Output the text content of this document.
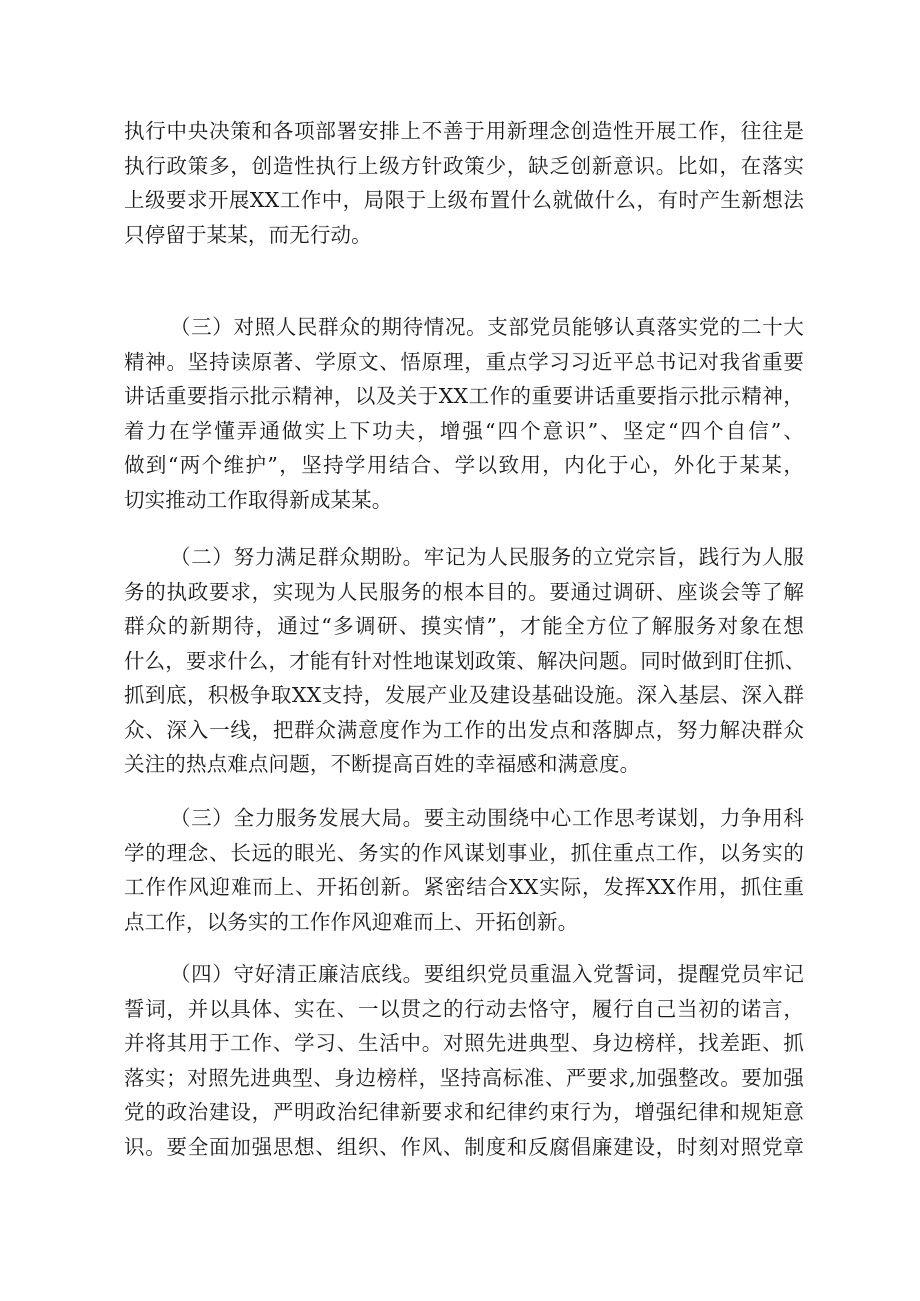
执行中央决策和各项部署安排上不善于用新理念创造性开展工作，往往是
执行政策多，创造性执行上级方针政策少，缺乏创新意识。比如，在落实
上级要求开展XX工作中，局限于上级布置什么就做什么，有时产生新想法
只停留于某某，而无行动。
（三）对照人民群众的期待情况。支部党员能够认真落实党的二十大
精神。坚持读原著、学原文、悟原理，重点学习习近平总书记对我省重要
讲话重要指示批示精神，以及关于XX工作的重要讲话重要指示批示精神，
着力在学懂弄通做实上下功夫，增强“四个意识”、坚定“四个自信”、
做到“两个维护”，坚持学用结合、学以致用，内化于心，外化于某某，
切实推动工作取得新成某某。
（二）努力满足群众期盼。牢记为人民服务的立党宗旨，践行为人服
务的执政要求，实现为人民服务的根本目的。要通过调研、座谈会等了解
群众的新期待，通过“多调研、摸实情”，才能全方位了解服务对象在想
什么，要求什么，才能有针对性地谋划政策、解决问题。同时做到盯住抓、
抓到底，积极争取XX支持，发展产业及建设基础设施。深入基层、深入群
众、深入一线，把群众满意度作为工作的出发点和落脚点，努力解决群众
关注的热点难点问题，不断提高百姓的幸福感和满意度。
（三）全力服务发展大局。要主动围绕中心工作思考谋划，力争用科
学的理念、长远的眼光、务实的作风谋划事业，抓住重点工作，以务实的
工作作风迎难而上、开拓创新。紧密结合XX实际，发挥XX作用，抓住重
点工作，以务实的工作作风迎难而上、开拓创新。
（四）守好清正廉洁底线。要组织党员重温入党誓词，提醒党员牢记
誓词，并以具体、实在、一以贯之的行动去恪守，履行自己当初的诺言，
并将其用于工作、学习、生活中。对照先进典型、身边榜样，找差距、抓
落实；对照先进典型、身边榜样，坚持高标准、严要求,加强整改。要加强
党的政治建设，严明政治纪律新要求和纪律约束行为，增强纪律和规矩意
识。要全面加强思想、组织、作风、制度和反腐倡廉建设，时刻对照党章
